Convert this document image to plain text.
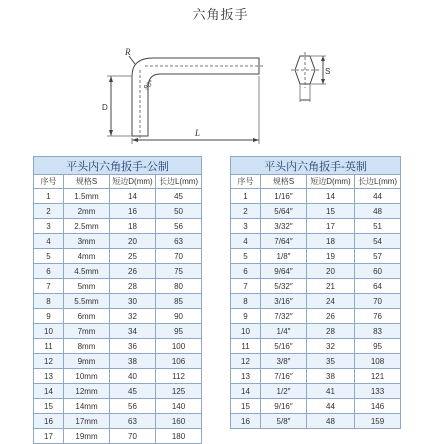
六角扳手
R
90°
D
L
S
平头内六角扳手-公制			
序号	规格S	短边D(mm)	长边L(mm)
1	1.5mm	14	45
2	2mm	16	50
3	2.5mm	18	56
4	3mm	20	63
5	4mm	25	70
6	4.5mm	26	75
7	5mm	28	80
8	5.5mm	30	85
9	6mm	32	90
10	7mm	34	95
11	8mm	36	100
12	9mm	38	106
13	10mm	40	112
14	12mm	45	125
15	14mm	56	140
16	17mm	63	160
17	19mm	70	180
平头内六角扳手-英制			
序号	规格S	短边D(mm)	长边L(mm)
1	1/16″	14	44
2	5/64″	15	48
3	3/32″	17	51
4	7/64″	18	54
5	1/8″	19	57
6	9/64″	20	60
7	5/32″	21	64
8	3/16″	24	70
9	7/32″	26	76
10	1/4″	28	83
11	5/16″	32	95
12	3/8″	35	108
13	7/16″	38	121
14	1/2″	41	133
15	9/16″	44	146
16	5/8″	48	159
